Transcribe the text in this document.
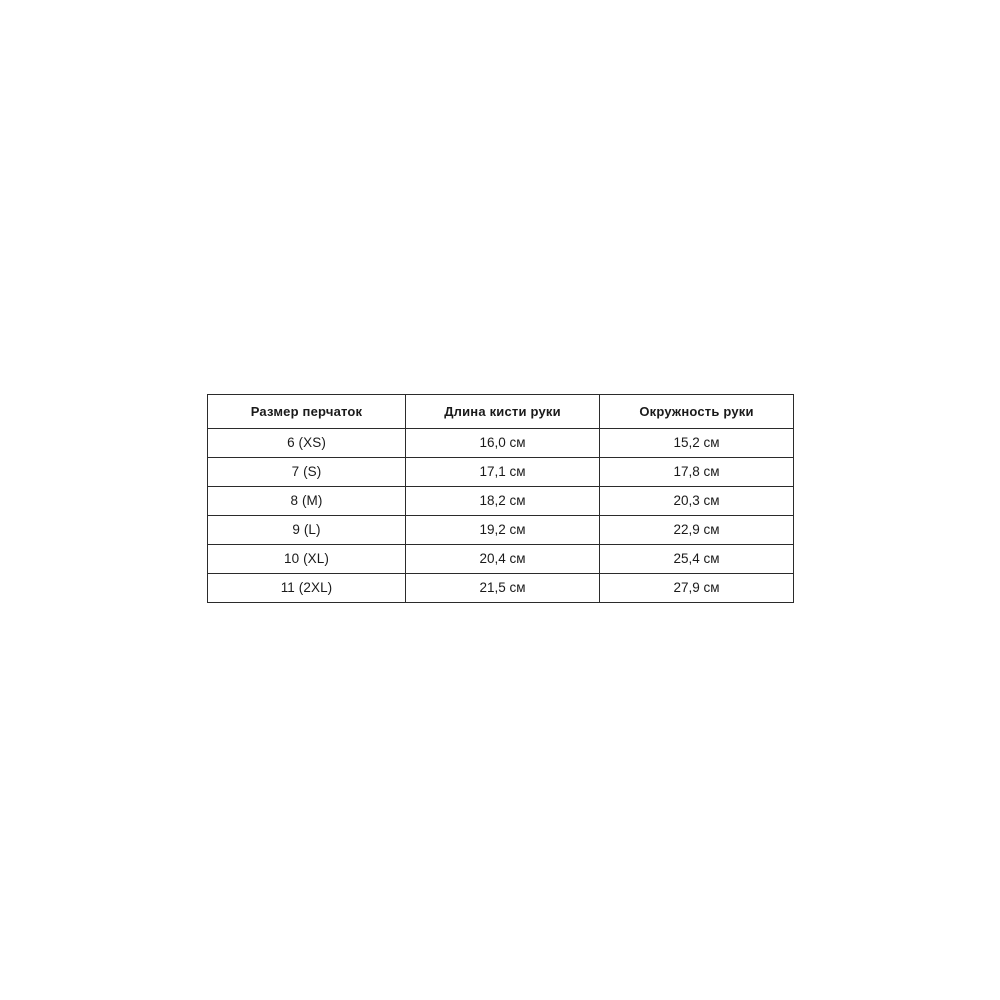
Размер перчаток	Длина кисти руки	Окружность руки
6 (XS)	16,0 см	15,2 см
7 (S)	17,1 см	17,8 см
8 (M)	18,2 см	20,3 см
9 (L)	19,2 см	22,9 см
10 (XL)	20,4 см	25,4 см
11 (2XL)	21,5 см	27,9 см
